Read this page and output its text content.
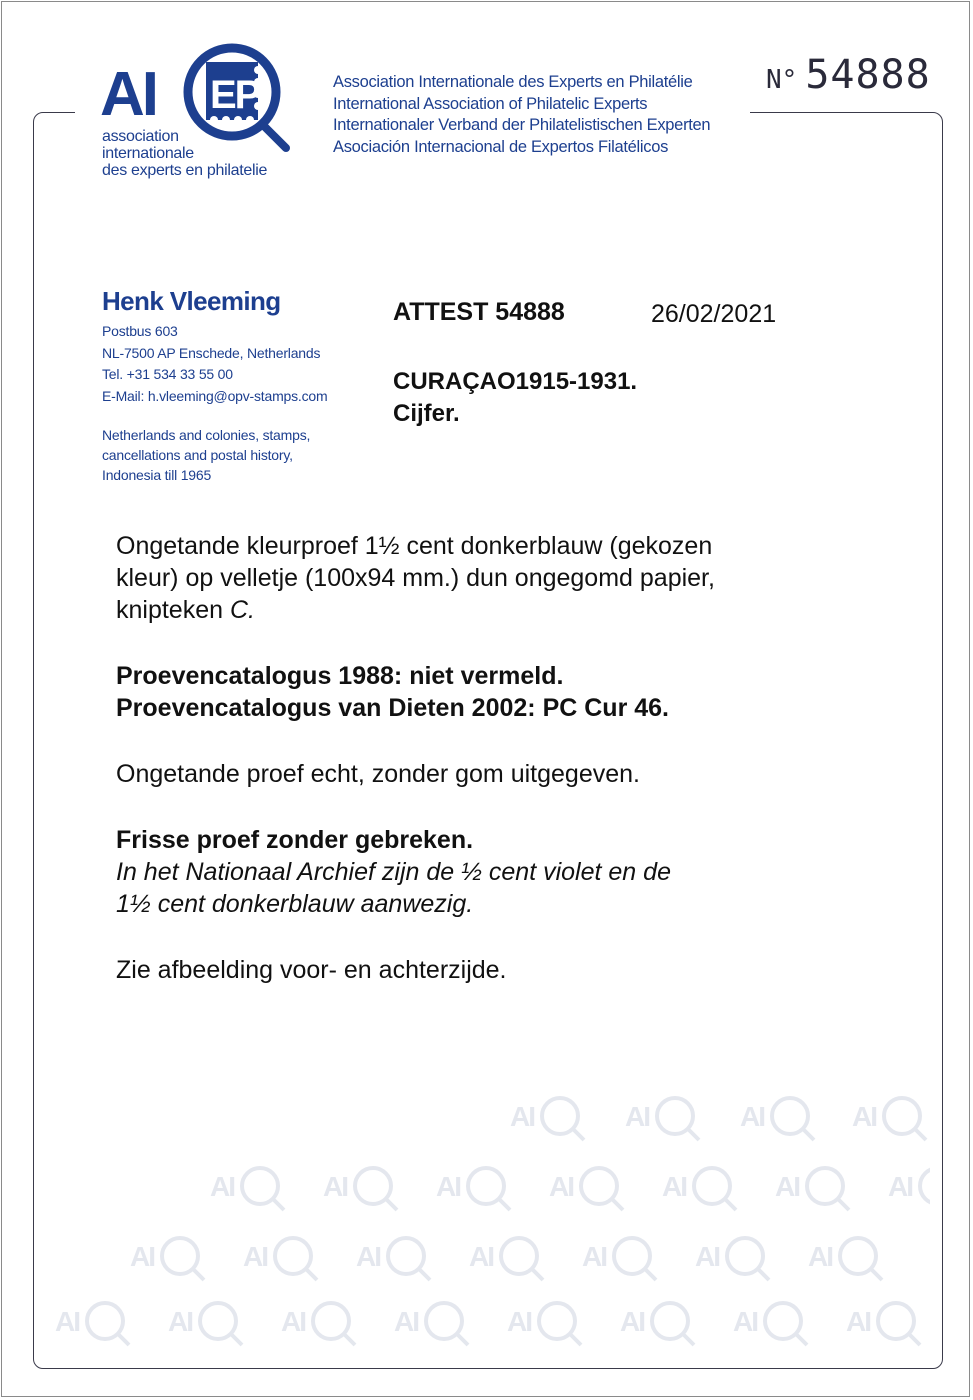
AI EP
association
internationale
des experts en philatelie
Association Internationale des Experts en Philatélie
International Association of Philatelic Experts
Internationaler Verband der Philatelistischen Experten
Asociación Internacional de Expertos Filatélicos
N° 54888
Henk Vleeming
Postbus 603
NL-7500 AP Enschede, Netherlands
Tel. +31 534 33 55 00
E-Mail: h.vleeming@opv-stamps.com
Netherlands and colonies, stamps,
cancellations and postal history,
Indonesia till 1965
ATTEST 54888	26/02/2021
CURAÇAO1915-1931.
Cijfer.

Ongetande kleurproef 1½ cent donkerblauw (gekozen

kleur) op velletje (100x94 mm.) dun ongegomd papier,

knipteken C.

Proevencatalogus 1988: niet vermeld.

Proevencatalogus van Dieten 2002: PC Cur 46.

Ongetande proef echt, zonder gom uitgegeven.

Frisse proef zonder gebreken.

In het Nationaal Archief zijn de ½ cent violet en de

1½ cent donkerblauw aanwezig.

Zie afbeelding voor- en achterzijde.

AI
